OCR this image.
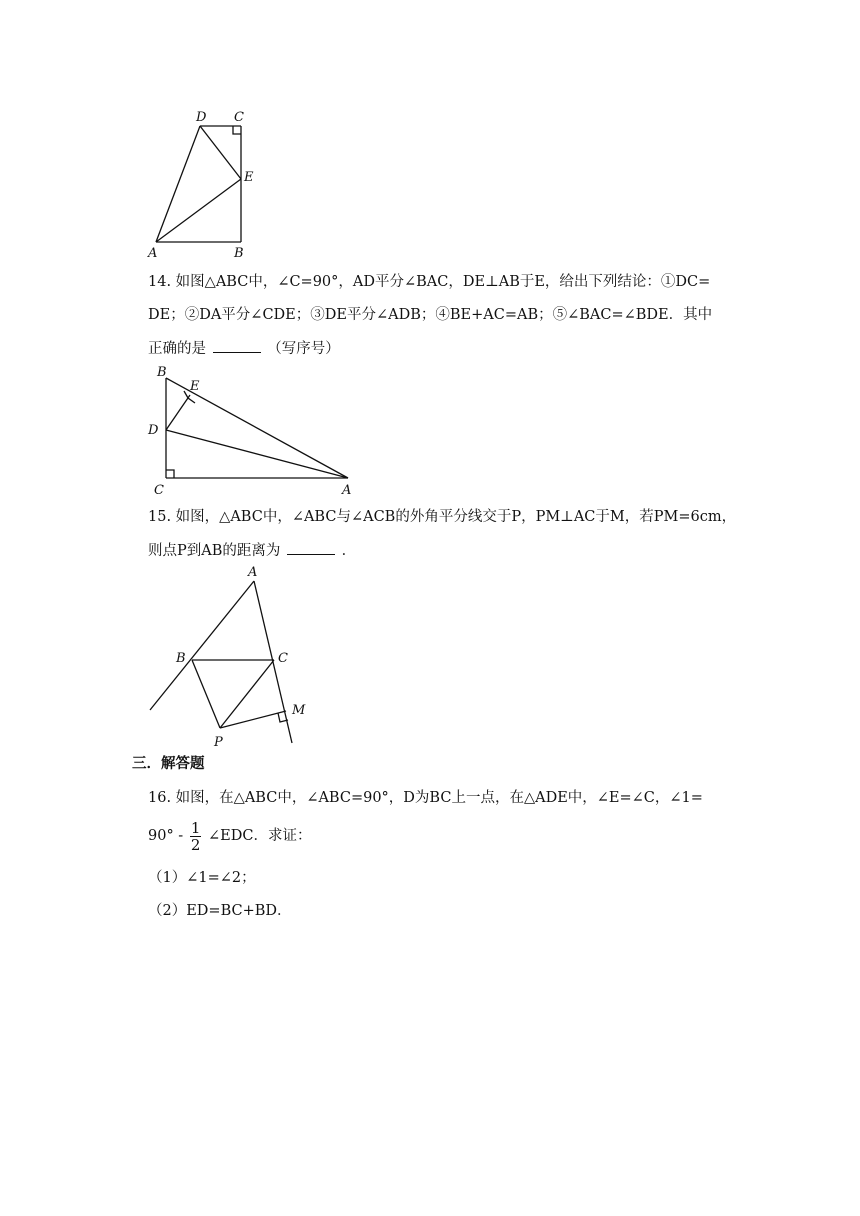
D C
E
A	B
14. 如图△ABC中，∠C=90°，AD平分∠BAC，DE⊥AB于E，给出下列结论：①DC=
DE；②DA平分∠CDE；③DE平分∠ADB；④BE+AC=AB；⑤∠BAC=∠BDE．其中
正确的是	（写序号）
B
E
D
C	A
15. 如图，△ABC中，∠ABC与∠ACB的外角平分线交于P，PM⊥AC于M，若PM=6cm，
则点P到AB的距离为	．
A
B	C
M
P
三．解答题
16. 如图，在△ABC中，∠ABC=90°，D为BC上一点，在△ADE中，∠E=∠C，∠1=
$90^\circ - \frac{1}{2}$ ∠EDC．求证：
（1）∠1=∠2；
（2）ED=BC+BD．
